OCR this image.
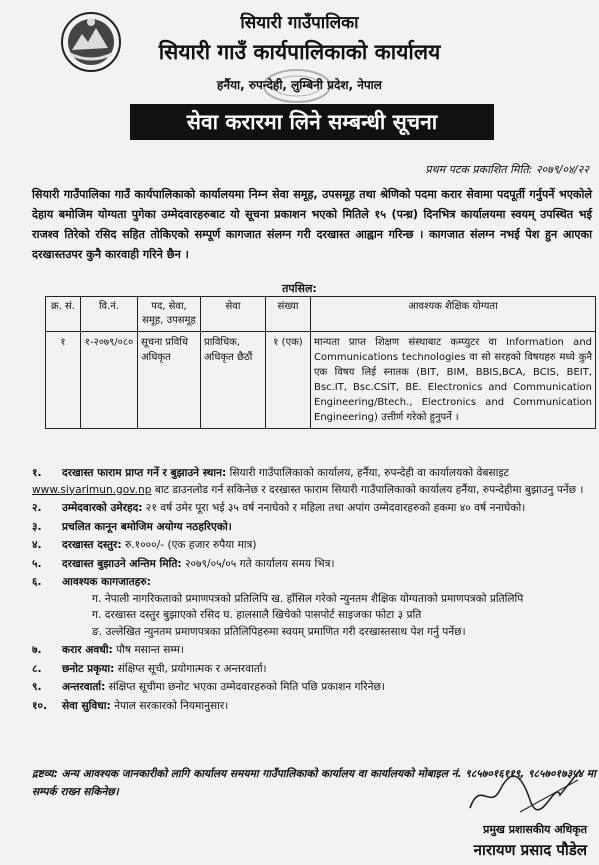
सियारी गाउँपालिका
सियारी गाउँ कार्यपालिकाको कार्यालय
हर्नैया, रुपन्देही, लुम्बिनी प्रदेश, नेपाल
सेवा करारमा लिने सम्बन्धी सूचना
प्रथम पटक प्रकाशित मिति: २०७९/०४/२२
सियारी गाउँपालिका गाउँ कार्यपालिकाको कार्यालयमा निम्न सेवा समूह, उपसमूह तथा श्रेणिको पदमा करार सेवामा पदपूर्ती गर्नुपर्ने भएकोले देहाय बमोजिम योग्यता पुगेका उम्मेदवारहरुबाट यो सूचना प्रकाशन भएको मितिले १५ (पन्ध्र) दिनभित्र कार्यालयमा स्वयम् उपस्थित भई राजश्व तिरेको रसिद सहित तोकिएको सम्पूर्ण कागजात संलग्न गरी दरखास्त आह्वान गरिन्छ । कागजात संलग्न नभई पेश हुन आएका दरखास्तउपर कुनै कारवाही गरिने छैन ।
तपसिल:
क्र. सं.	वि.नं.	पद, सेवा, समूह, उपसमूह	सेवा	संख्या	आवश्यक शैक्षिक योग्यता
१	१-२०७९/०८०	सूचना प्रविधि अधिकृत	प्राविधिक, अधिकृत छैठौं	१ (एक)	मान्यता प्राप्त शिक्षण संस्थाबाट कम्प्युटर वा Information and Communications technologies वा सो सरहको विषयहरु मध्ये कुनै एक विषय लिई स्नातक (BIT, BIM, BBIS,BCA, BCIS, BEIT, Bsc.IT, Bsc.CSIT, BE. Electronics and Communication Engineering/Btech., Electronics and Communication Engineering) उत्तीर्ण गरेको हुनुपर्ने ।
१. दरखास्त फाराम प्राप्त गर्ने र बुझाउने स्थान: सियारी गाउँपालिकाको कार्यालय, हर्नैया, रुपन्देही वा कार्यालयको वेबसाइट www.siyarimun.gov.np बाट डाउनलोड गर्न सकिनेछ र दरखास्त फाराम सियारी गाउँपालिकाको कार्यालय हर्नैया, रुपन्देहीमा बुझाउनु पर्नेछ ।
२. उम्मेदवारको उमेरहद: २१ वर्ष उमेर पूरा भई ३५ वर्ष ननाघेको र महिला तथा अपांग उम्मेदवारहरुको हकमा ४० वर्ष ननाघेको।
३. प्रचलित कानून बमोजिम अयोग्य नठहरिएको।
४. दरखास्त दस्तुर: रु.१०००/- (एक हजार रुपैया मात्र)
५. दरखास्त बुझाउने अन्तिम मिति: २०७९/०५/०५ गते कार्यालय समय भित्र।
६. आवश्यक कागजातहरु:
ग. नेपाली नागरिकताको प्रमाणपत्रको प्रतिलिपि ख. हाँसिल गरेको न्युनतम शैक्षिक योग्यताको प्रमाणपत्रको प्रतिलिपि
ग. दरखास्त दस्तुर बुझाएको रसिद घ. हालसालै खिचेको पासपोर्ट साइजका फोटा ३ प्रति
ङ. उल्लेखित न्युनतम प्रमाणपत्रका प्रतिलिपिहरुमा स्वयम् प्रमाणित गरी दरखास्तसाथ पेश गर्नु पर्नेछ।
७. करार अवधी: पौष मसान्त सम्म।
८. छनोट प्रकृया: संक्षिप्त सूची, प्रयोगात्मक र अन्तरवार्ता।
९. अन्तरवार्ता: संक्षिप्त सूचीमा छनोट भएका उम्मेदवारहरुको मिति पछि प्रकाशन गरिनेछ।
१०. सेवा सुविधा: नेपाल सरकारको नियमानुसार।
द्रष्टव्य: अन्य आवश्यक जानकारीको लागि कार्यालय समयमा गाउँपालिकाको कार्यालय वा कार्यालयको मोबाइल नं. ९८५७०१६११९, ९८५७०१७३५४ मा सम्पर्क राख्न सकिनेछ।
प्रमुख प्रशासकीय अधिकृत
नारायण प्रसाद पौडेल
